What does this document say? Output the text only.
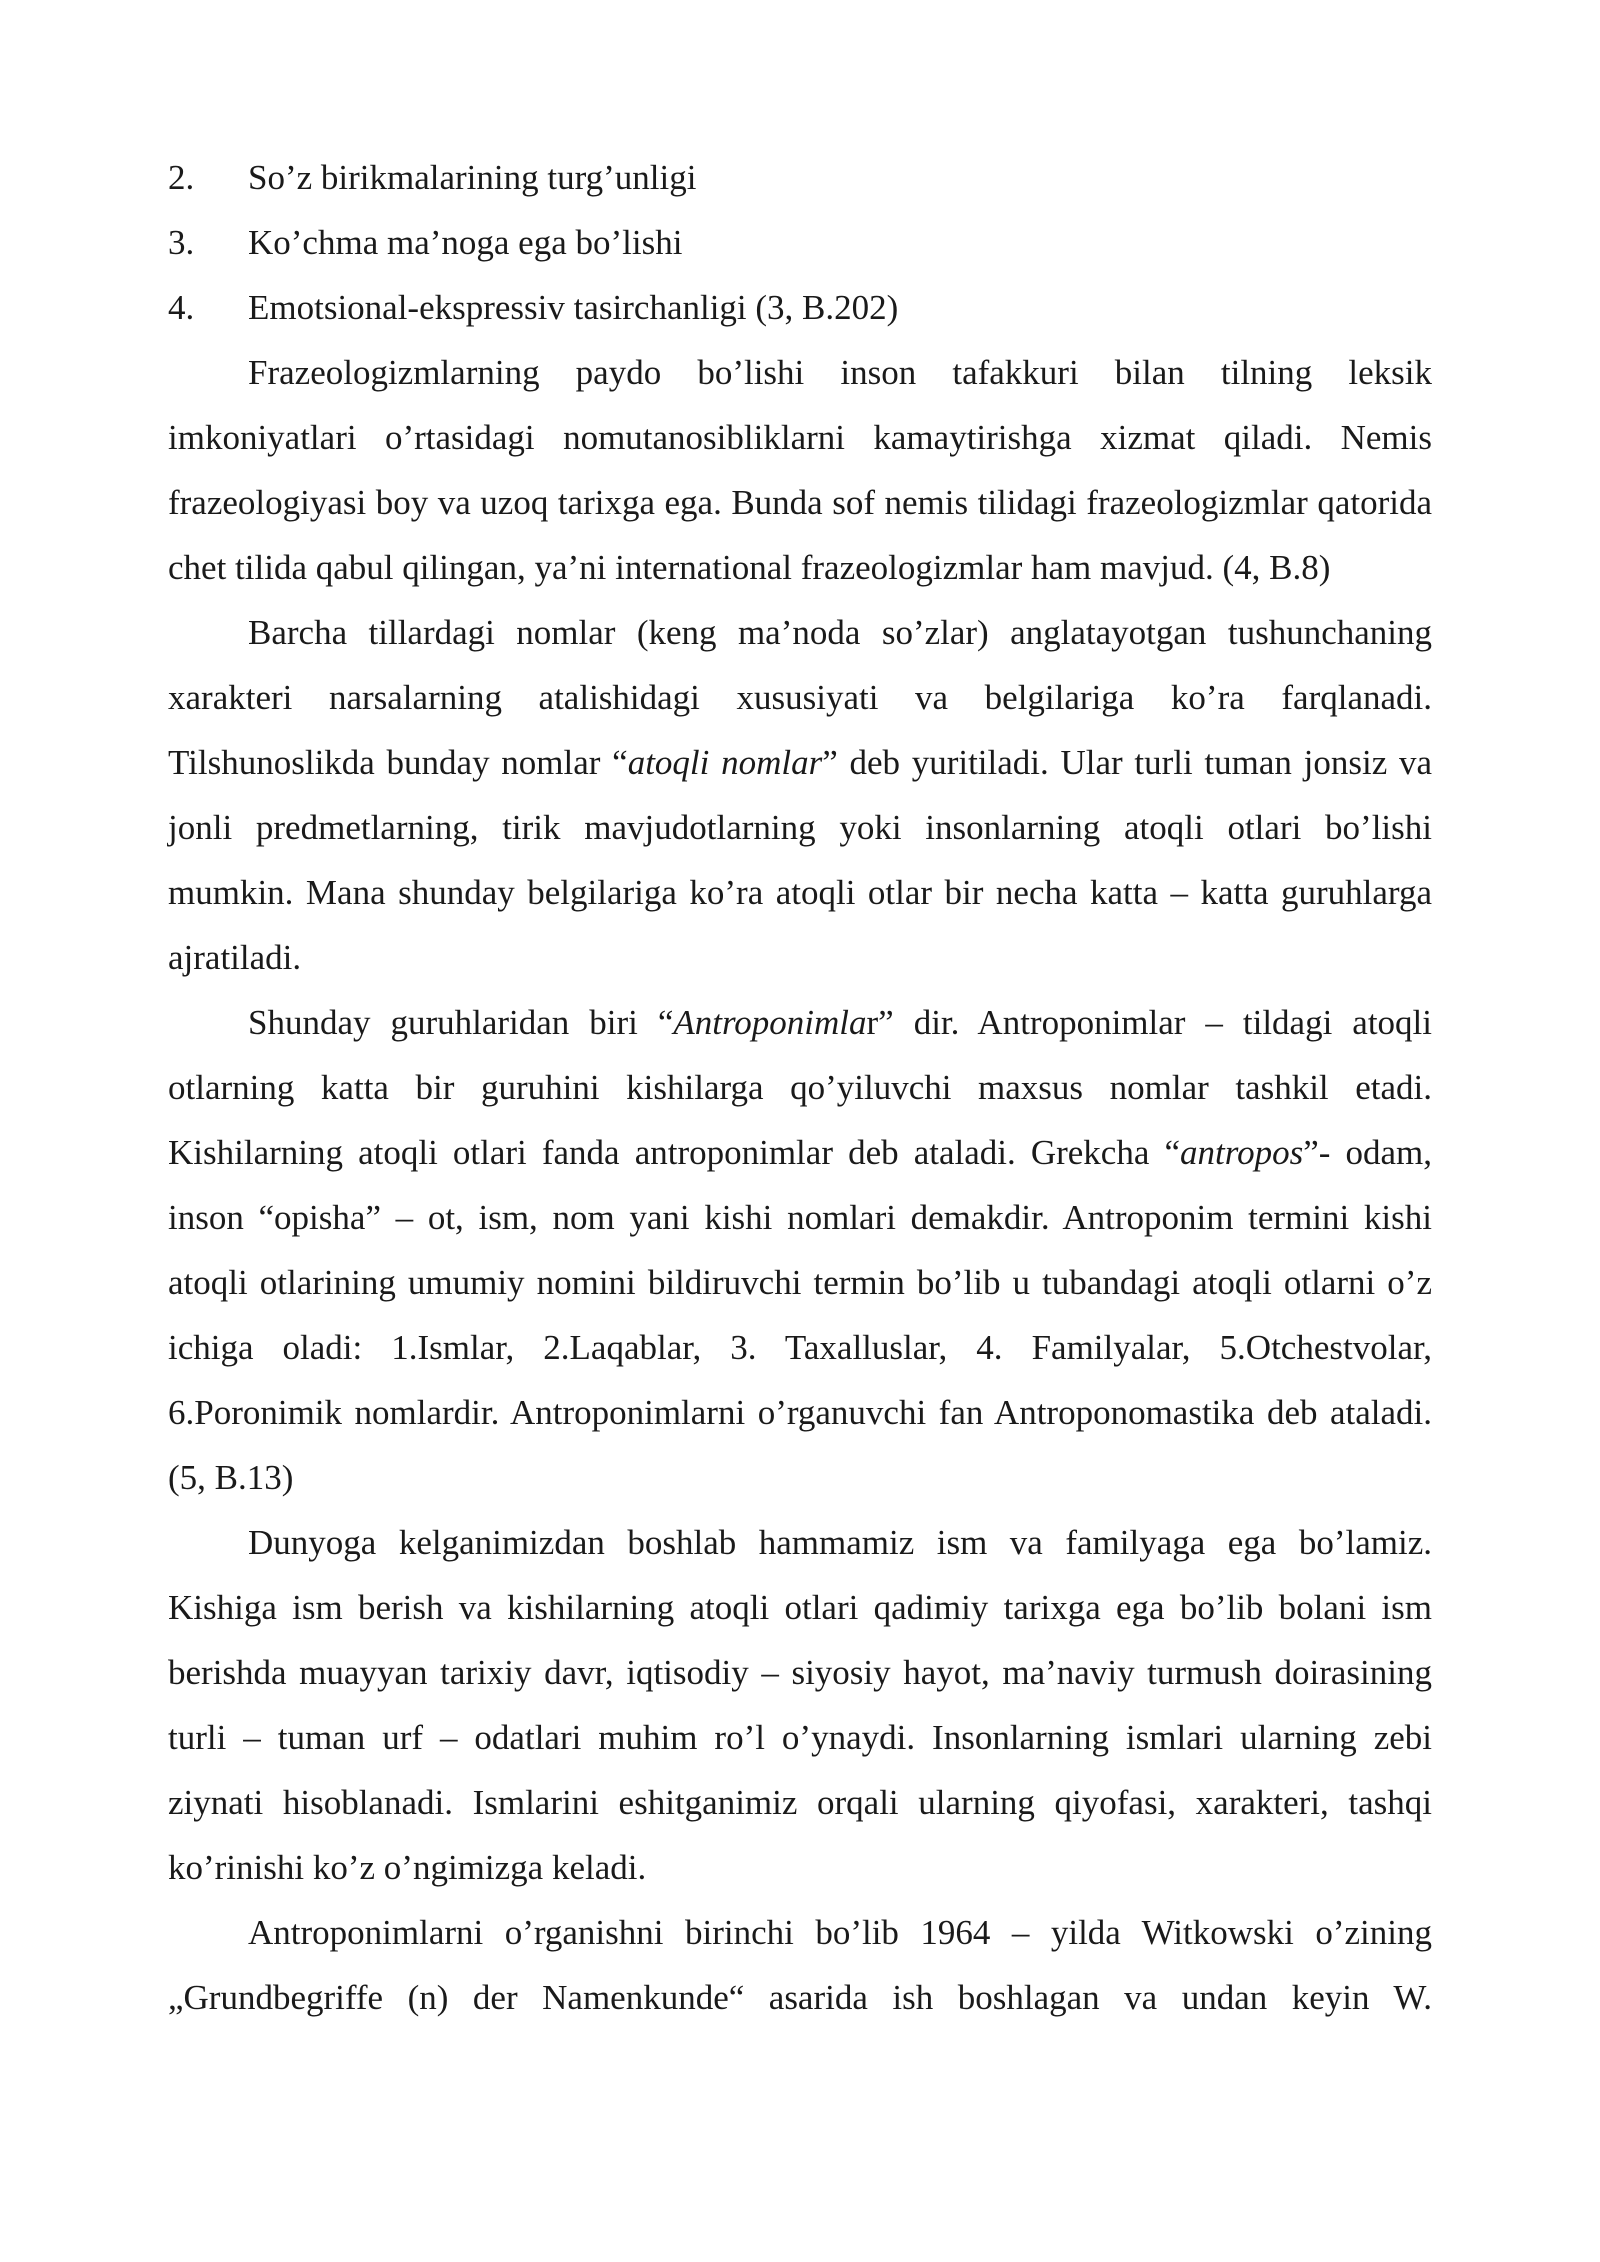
2.	So’z birikmalarining turg’unligi
3.	Ko’chma ma’noga ega bo’lishi
4.	Emotsional-ekspressiv tasirchanligi (3, B.202)

Frazeologizmlarning paydo bo’lishi inson tafakkuri bilan tilning leksik imkoniyatlari o’rtasidagi nomutanosibliklarni kamaytirishga xizmat qiladi. Nemis frazeologiyasi boy va uzoq tarixga ega. Bunda sof nemis tilidagi frazeologizmlar qatorida chet tilida qabul qilingan, ya’ni international frazeologizmlar ham mavjud. (4, B.8)

Barcha tillardagi nomlar (keng ma’noda so’zlar) anglatayotgan tushunchaning xarakteri narsalarning atalishidagi xususiyati va belgilariga ko’ra farqlanadi. Tilshunoslikda bunday nomlar “atoqli nomlar” deb yuritiladi. Ular turli tuman jonsiz va jonli predmetlarning, tirik mavjudotlarning yoki insonlarning atoqli otlari bo’lishi mumkin. Mana shunday belgilariga ko’ra atoqli otlar bir necha katta – katta guruhlarga ajratiladi.

Shunday guruhlaridan biri “Antroponimlar” dir. Antroponimlar – tildagi atoqli otlarning katta bir guruhini kishilarga qo’yiluvchi maxsus nomlar tashkil etadi. Kishilarning atoqli otlari fanda antroponimlar deb ataladi. Grekcha “antropos”- odam, inson “opisha” – ot, ism, nom yani kishi nomlari demakdir. Antroponim termini kishi atoqli otlarining umumiy nomini bildiruvchi termin bo’lib u tubandagi atoqli otlarni o’z ichiga oladi: 1.Ismlar, 2.Laqablar, 3. Taxalluslar, 4. Familyalar, 5.Otchestvolar, 6.Poronimik nomlardir. Antroponimlarni o’rganuvchi fan Antroponomastika deb ataladi. (5, B.13)

Dunyoga kelganimizdan boshlab hammamiz ism va familyaga ega bo’lamiz. Kishiga ism berish va kishilarning atoqli otlari qadimiy tarixga ega bo’lib bolani ism berishda muayyan tarixiy davr, iqtisodiy – siyosiy hayot, ma’naviy turmush doirasining turli – tuman urf – odatlari muhim ro’l o’ynaydi. Insonlarning ismlari ularning zebi ziynati hisoblanadi. Ismlarini eshitganimiz orqali ularning qiyofasi, xarakteri, tashqi ko’rinishi ko’z o’ngimizga keladi.

Antroponimlarni o’rganishni birinchi bo’lib 1964 – yilda Witkowski o’zining „Grundbegriffe (n) der Namenkunde“ asarida ish boshlagan va undan keyin W.
